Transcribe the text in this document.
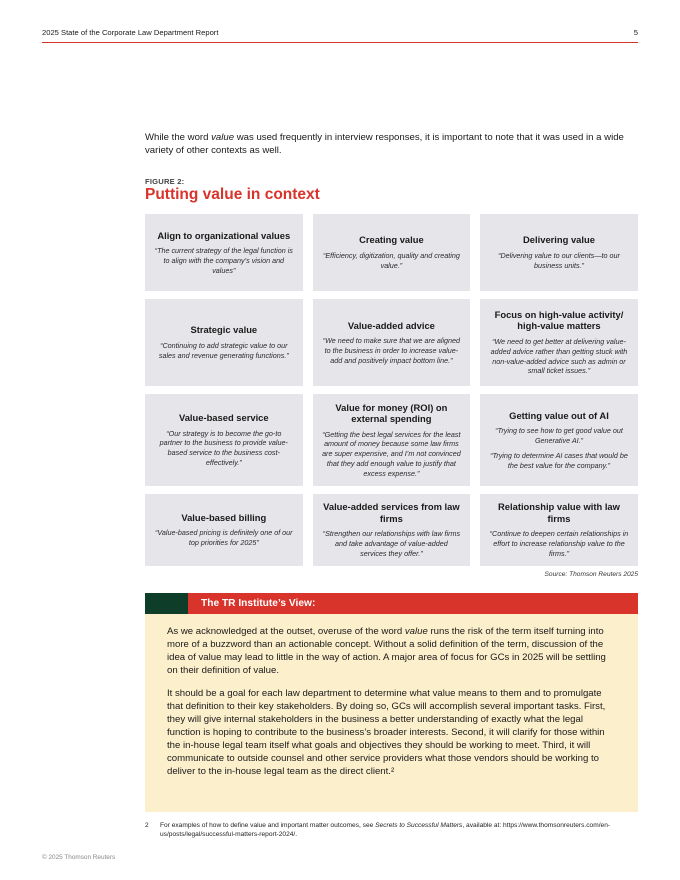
2025 State of the Corporate Law Department Report	5
While the word value was used frequently in interview responses, it is important to note that it was used in a wide variety of other contexts as well.
FIGURE 2:
Putting value in context
Align to organizational values
“The current strategy of the legal function is to align with the company’s vision and values”
Creating value
“Efficiency, digitization, quality and creating value.”
Delivering value
“Delivering value to our clients—to our business units.”
Strategic value
“Continuing to add strategic value to our sales and revenue generating functions.”
Value-added advice
“We need to make sure that we are aligned to the business in order to increase value-add and positively impact bottom line.”
Focus on high-value activity/ high-value matters
“We need to get better at delivering value-added advice rather than getting stuck with non-value-added advice such as admin or small ticket issues.”
Value-based service
“Our strategy is to become the go-to partner to the business to provide value-based service to the business cost-effectively.”
Value for money (ROI) on external spending
“Getting the best legal services for the least amount of money because some law firms are super expensive, and I’m not convinced that they add enough value to justify that excess expense.”
Getting value out of AI
“Trying to see how to get good value out Generative AI.”
“Trying to determine AI cases that would be the best value for the company.”
Value-based billing
“Value-based pricing is definitely one of our top priorities for 2025”
Value-added services from law firms
“Strengthen our relationships with law firms and take advantage of value-added services they offer.”
Relationship value with law firms
“Continue to deepen certain relationships in effort to increase relationship value to the firms.”
Source: Thomson Reuters 2025
The TR Institute’s View:

As we acknowledged at the outset, overuse of the word value runs the risk of the term itself turning into more of a buzzword than an actionable concept. Without a solid definition of the term, discussion of the idea of value may lead to little in the way of action. A major area of focus for GCs in 2025 will be settling on their definition of value.

It should be a goal for each law department to determine what value means to them and to promulgate that definition to their key stakeholders. By doing so, GCs will accomplish several important tasks. First, they will give internal stakeholders in the business a better understanding of exactly what the legal function is hoping to contribute to the business’s broader interests. Second, it will clarify for those within the in-house legal team itself what goals and objectives they should be working to meet. Third, it will communicate to outside counsel and other service providers what those vendors should be working to deliver to the in-house legal team as the direct client.²

2	For examples of how to define value and important matter outcomes, see Secrets to Successful Matters, available at: https://www.thomsonreuters.com/en-us/posts/legal/successful-matters-report-2024/.
© 2025 Thomson Reuters
